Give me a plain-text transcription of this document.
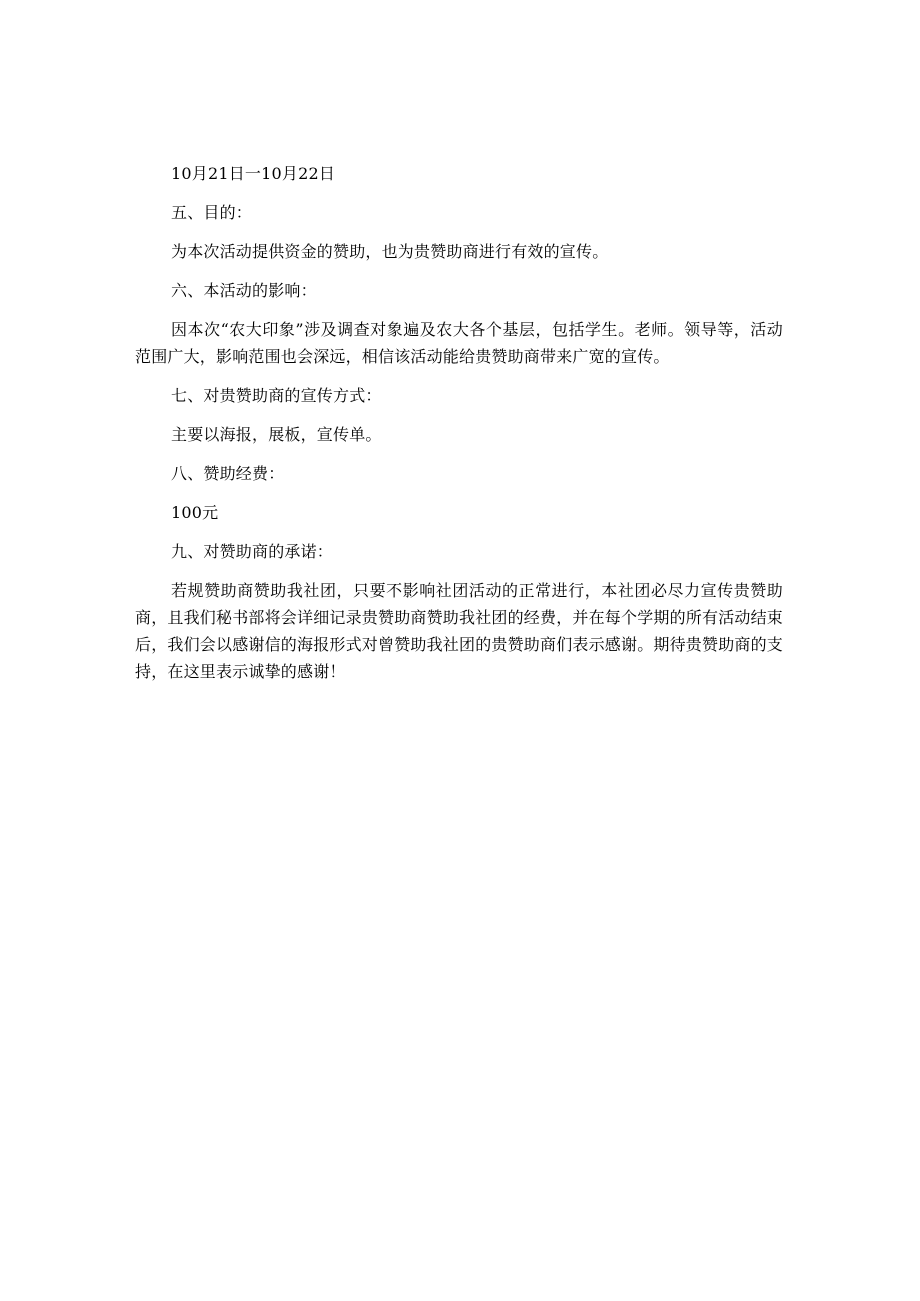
10月21日一10月22日

五、目的：

为本次活动提供资金的赞助，也为贵赞助商进行有效的宣传。

六、本活动的影响：

因本次“农大印象”涉及调查对象遍及农大各个基层，包括学生。老师。领导等，活动范围广大，影响范围也会深远，相信该活动能给贵赞助商带来广宽的宣传。

七、对贵赞助商的宣传方式：

主要以海报，展板，宣传单。

八、赞助经费：

100元

九、对赞助商的承诺：

若规赞助商赞助我社团，只要不影响社团活动的正常进行，本社团必尽力宣传贵赞助商，且我们秘书部将会详细记录贵赞助商赞助我社团的经费，并在每个学期的所有活动结束后，我们会以感谢信的海报形式对曾赞助我社团的贵赞助商们表示感谢。期待贵赞助商的支持，在这里表示诚挚的感谢！
